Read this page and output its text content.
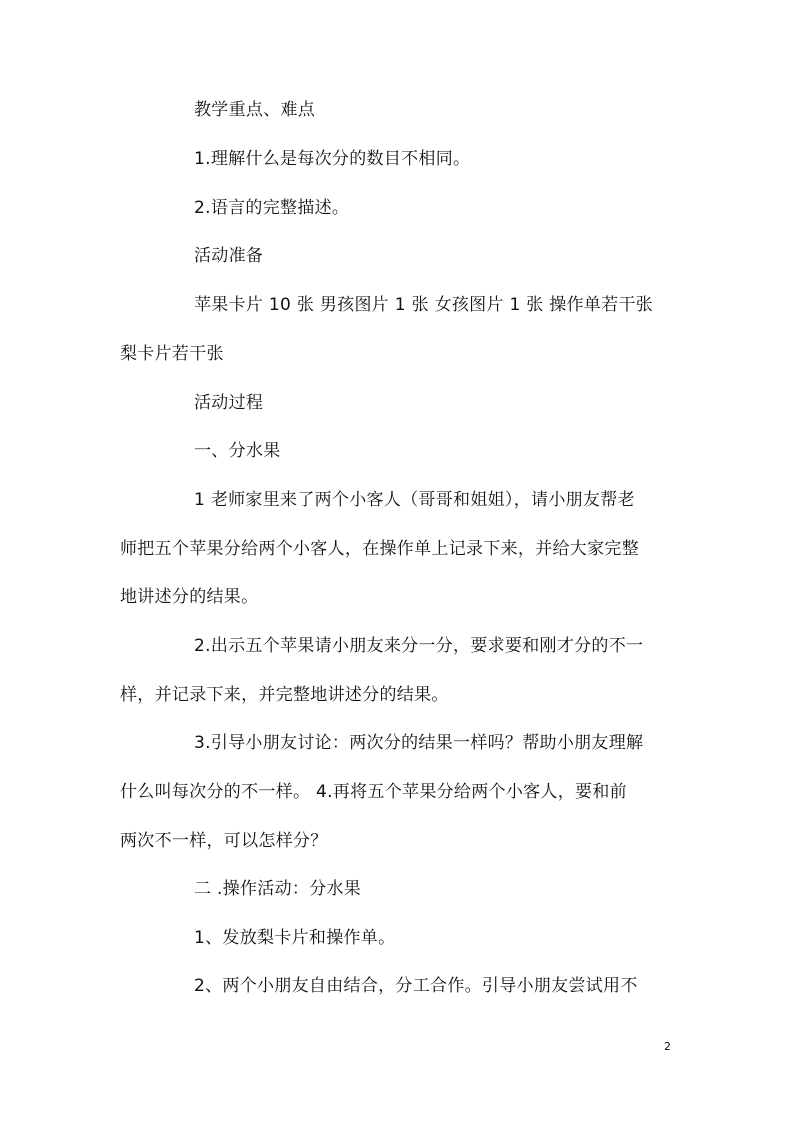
教学重点、难点
1.理解什么是每次分的数目不相同。
2.语言的完整描述。
活动准备
苹果卡片 10 张 男孩图片 1 张 女孩图片 1 张 操作单若干张
梨卡片若干张
活动过程
一、分水果
1 老师家里来了两个小客人（哥哥和姐姐），请小朋友帮老
师把五个苹果分给两个小客人，在操作单上记录下来，并给大家完整
地讲述分的结果。
2.出示五个苹果请小朋友来分一分，要求要和刚才分的不一
样，并记录下来，并完整地讲述分的结果。
3.引导小朋友讨论：两次分的结果一样吗？帮助小朋友理解
什么叫每次分的不一样。 4.再将五个苹果分给两个小客人，要和前
两次不一样，可以怎样分？
二 .操作活动：分水果
1、发放梨卡片和操作单。
2、两个小朋友自由结合，分工合作。引导小朋友尝试用不
2
